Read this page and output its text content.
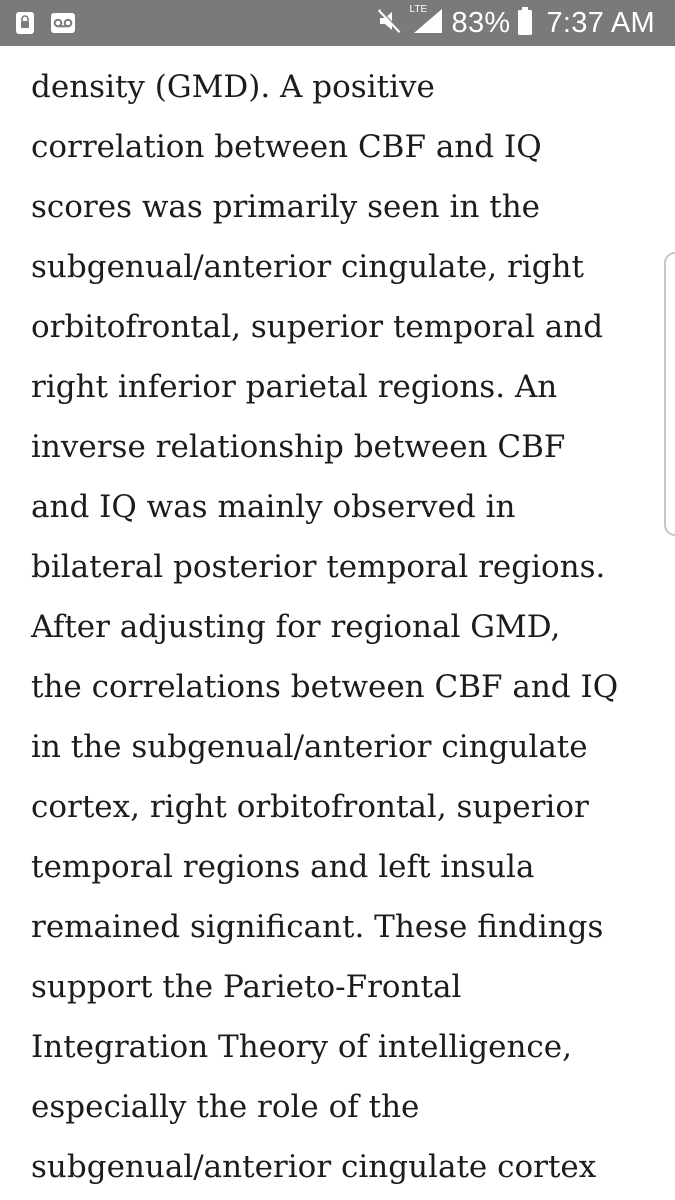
LTE 83% 7:37 AM
density (GMD). A positive
correlation between CBF and IQ
scores was primarily seen in the
subgenual/anterior cingulate, right
orbitofrontal, superior temporal and
right inferior parietal regions. An
inverse relationship between CBF
and IQ was mainly observed in
bilateral posterior temporal regions.
After adjusting for regional GMD,
the correlations between CBF and IQ
in the subgenual/anterior cingulate
cortex, right orbitofrontal, superior
temporal regions and left insula
remained significant. These findings
support the Parieto-Frontal
Integration Theory of intelligence,
especially the role of the
subgenual/anterior cingulate cortex
